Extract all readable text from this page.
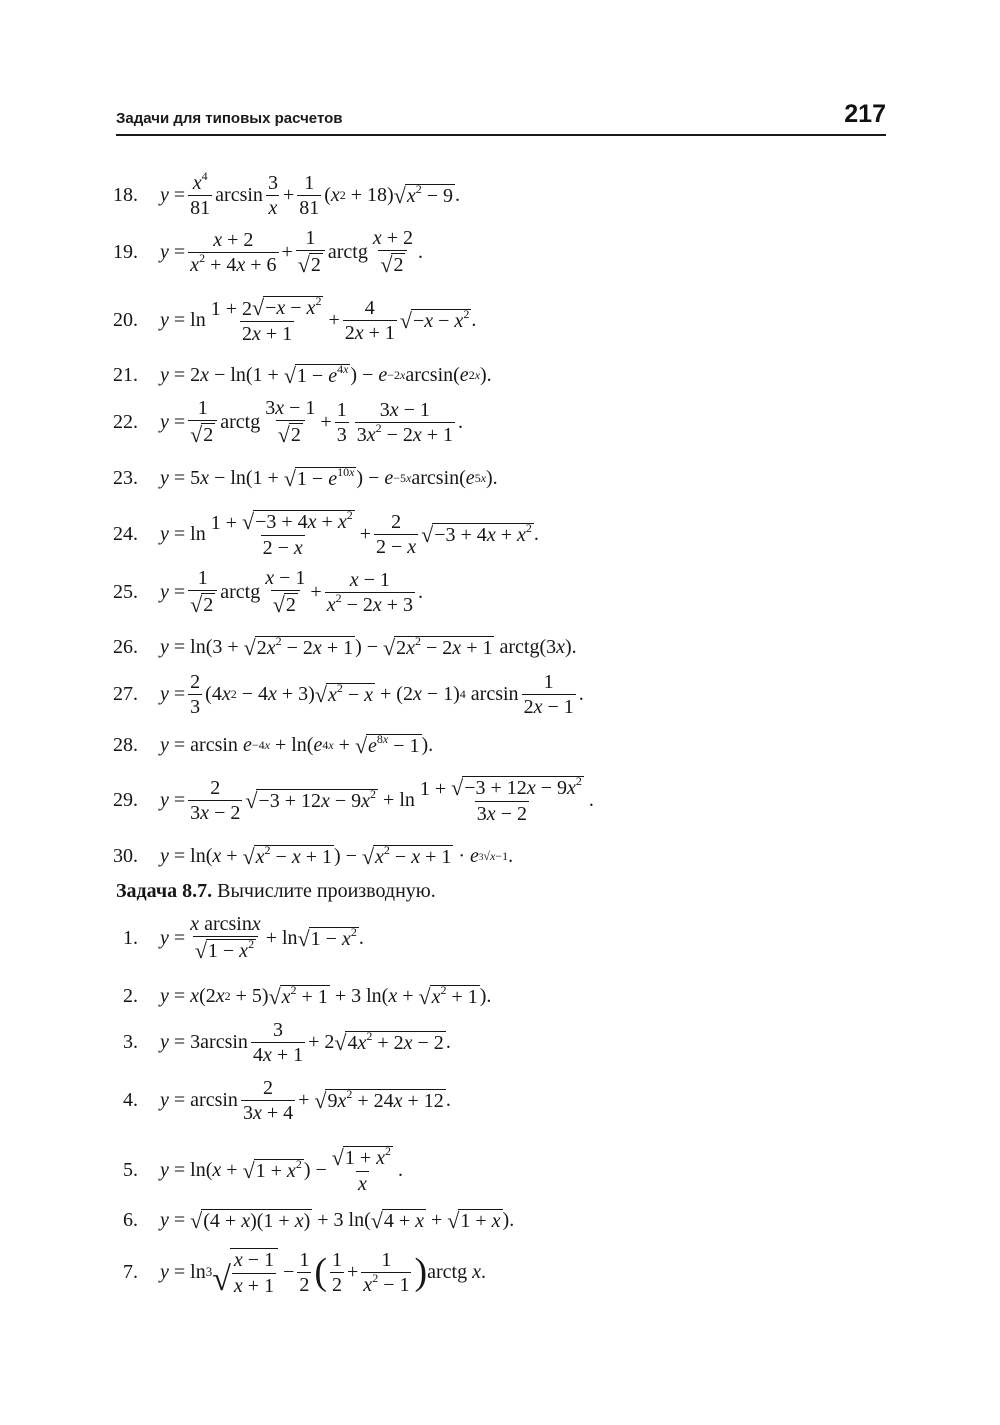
Задачи для типовых расчетов	217
18. y =
$x^4$
81
arcsin
3
x
+
1
81
( x 2 + 18) √ $x^2 - 9$ .
19. y =
x + 2
$x^2 + 4x + 6$
+
1
√ 2
arctg
x + 2
√ 2
.
20. y = ln 1 + 2 √ $-x - x^2$
2x + 1
+
4
2x + 1 √ $-x - x^2$ .
21. y = 2 x − ln(1 + √ $1 - e^{4x}$ ) − e −2x arcsin( e 2x ).
22. y =
1
√ 2
arctg
3x − 1
√ 2
+
1
3
3x − 1
$3x^2 - 2x + 1$
.
23. y = 5 x − ln(1 + √ $1 - e^{10x}$ ) − e −5x arcsin( e 5x ).
24. y = ln 1 + √ $-3 + 4x + x^2$
2 − x
+
2
2 − x √ $-3 + 4x + x^2$ .
25. y =
1
√ 2
arctg
x − 1
√ 2
+
x − 1
$x^2 - 2x + 3$
.
26. y = ln(3 + √ $2x^2 - 2x + 1$ ) − √ $2x^2 - 2x + 1$ arctg(3 x ).
27. y =
2
3
(4 x 2 − 4 x + 3) √ $x^2 - x + (2$ x − 1) 4 arcsin
1
2x − 1
.
28. y = arcsin e −4x + ln( e 4x + √ $e^{8x} - 1$ ).
29. y =
2
3x − 2 √ $-3 + 12x - 9x^2 + \ln 1$ + √ $-3 + 12x - 9x^2$
3x − 2
.
30. y = ln( x + √ $x^2 - x + 1$ ) − √ $x^2 - x + 1 \cdot e$ 3√x−1 .
Задача 8.7. Вычислите производную.
1. y =
x arcsinx
√ $1 - x^2 + \ln$ √ $1 - x^2$ .
2. y = x (2 x 2 + 5) √ $x^2 + 1 + 3$ ln( x + √ $x^2 + 1$ ).
3. y = 3arcsin
3
4x + 1
+ 2 √ $4x^2 + 2x - 2$ .
4. y = arcsin
2
3x + 4
+ √ $9x^2 + 24x + 12$ .
5. y = ln( x + √ $1 + x^2$ ) − √ $1 + x^2$
x
.
6. y = √ (4 + x)(1 + x) + 3 ln( √ 4 + x + √ 1 + x ).
7. y = ln 3 √ $\frac{x - 1}{x + 1}$ −
1
2 ( 1
2
+
1
$x^2 - 1$ ) arctg x .
